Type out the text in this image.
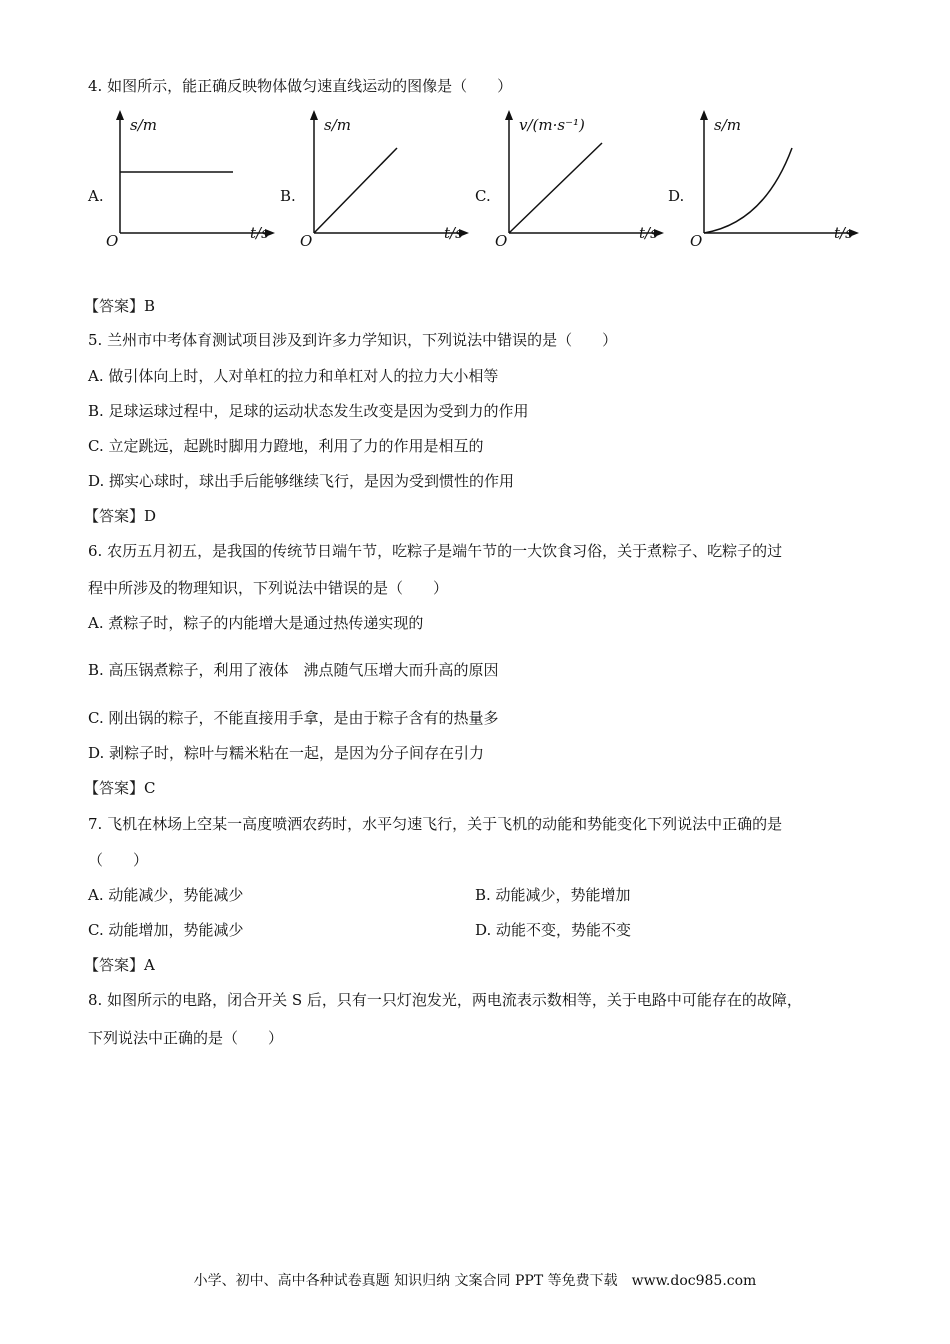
4. 如图所示，能正确反映物体做匀速直线运动的图像是（　　）
A.
s/m
t/s
O
B.
s/m
t/s
O
C.
v/(m·s⁻¹)
t/s
O
D.
s/m
t/s
O
【答案】B
5. 兰州市中考体育测试项目涉及到许多力学知识，下列说法中错误的是（　　）
A. 做引体向上时，人对单杠的拉力和单杠对人的拉力大小相等
B. 足球运球过程中，足球的运动状态发生改变是因为受到力的作用
C. 立定跳远，起跳时脚用力蹬地，利用了力的作用是相互的
D. 掷实心球时，球出手后能够继续飞行，是因为受到惯性的作用
【答案】D
6. 农历五月初五，是我国的传统节日端午节，吃粽子是端午节的一大饮食习俗，关于煮粽子、吃粽子的过
程中所涉及的物理知识，下列说法中错误的是（　　）
A. 煮粽子时，粽子的内能增大是通过热传递实现的
B. 高压锅煮粽子，利用了液体　沸点随气压增大而升高的原因
C. 刚出锅的粽子，不能直接用手拿，是由于粽子含有的热量多
D. 剥粽子时，粽叶与糯米粘在一起，是因为分子间存在引力
【答案】C
7. 飞机在林场上空某一高度喷洒农药时，水平匀速飞行，关于飞机的动能和势能变化下列说法中正确的是
（　　）
A. 动能减少，势能减少	B. 动能减少，势能增加
C. 动能增加，势能减少	D. 动能不变，势能不变
【答案】A
8. 如图所示的电路，闭合开关 S 后，只有一只灯泡发光，两电流表示数相等，关于电路中可能存在的故障，
下列说法中正确的是（　　）
小学、初中、高中各种试卷真题 知识归纳 文案合同 PPT 等免费下载　www.doc985.com
